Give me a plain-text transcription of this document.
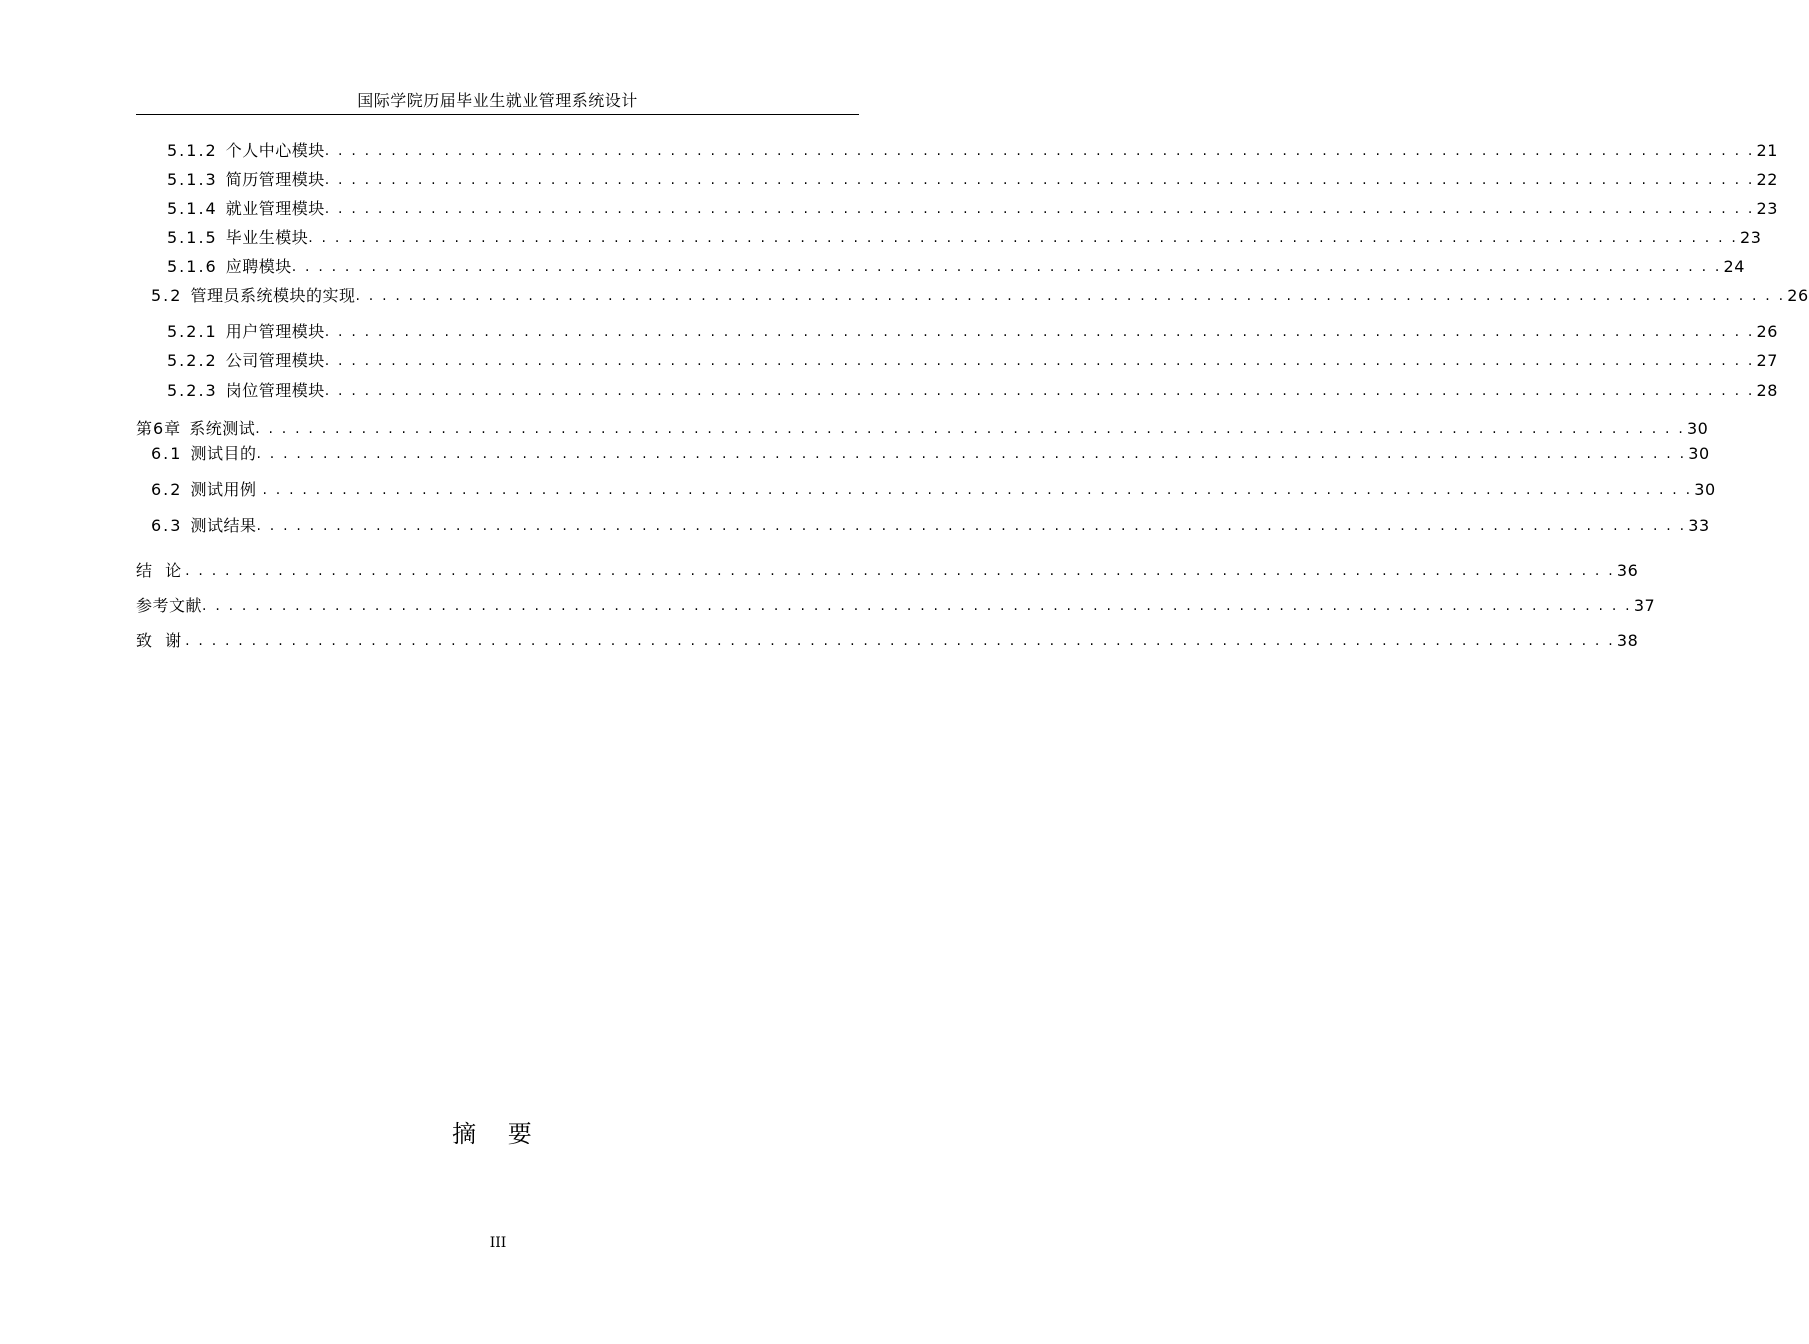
国际学院历届毕业生就业管理系统设计
5.1.2 个人中心模块 . . . . . . . . . . . . . . . . . . . . . . . . . . . . . . . . . . . . . . . . . . . . . . . . . . . . . . . . . . . . . . . . . . . . . . . . . . . . . . . . . . . . . . . . . . . . . . . . . . . . . . . . . . . . 21
5.1.3 简历管理模块 . . . . . . . . . . . . . . . . . . . . . . . . . . . . . . . . . . . . . . . . . . . . . . . . . . . . . . . . . . . . . . . . . . . . . . . . . . . . . . . . . . . . . . . . . . . . . . . . . . . . . . . . . . . . 22
5.1.4 就业管理模块 . . . . . . . . . . . . . . . . . . . . . . . . . . . . . . . . . . . . . . . . . . . . . . . . . . . . . . . . . . . . . . . . . . . . . . . . . . . . . . . . . . . . . . . . . . . . . . . . . . . . . . . . . . . . 23
5.1.5 毕业生模块 . . . . . . . . . . . . . . . . . . . . . . . . . . . . . . . . . . . . . . . . . . . . . . . . . . . . . . . . . . . . . . . . . . . . . . . . . . . . . . . . . . . . . . . . . . . . . . . . . . . . . . . . . . . . 23
5.1.6 应聘模块 . . . . . . . . . . . . . . . . . . . . . . . . . . . . . . . . . . . . . . . . . . . . . . . . . . . . . . . . . . . . . . . . . . . . . . . . . . . . . . . . . . . . . . . . . . . . . . . . . . . . . . . . . . . . 24
5.2 管理员系统模块的实现 . . . . . . . . . . . . . . . . . . . . . . . . . . . . . . . . . . . . . . . . . . . . . . . . . . . . . . . . . . . . . . . . . . . . . . . . . . . . . . . . . . . . . . . . . . . . . . . . . . . . . . . . . . . . 26
5.2.1 用户管理模块 . . . . . . . . . . . . . . . . . . . . . . . . . . . . . . . . . . . . . . . . . . . . . . . . . . . . . . . . . . . . . . . . . . . . . . . . . . . . . . . . . . . . . . . . . . . . . . . . . . . . . . . . . . . . 26
5.2.2 公司管理模块 . . . . . . . . . . . . . . . . . . . . . . . . . . . . . . . . . . . . . . . . . . . . . . . . . . . . . . . . . . . . . . . . . . . . . . . . . . . . . . . . . . . . . . . . . . . . . . . . . . . . . . . . . . . . 27
5.2.3 岗位管理模块 . . . . . . . . . . . . . . . . . . . . . . . . . . . . . . . . . . . . . . . . . . . . . . . . . . . . . . . . . . . . . . . . . . . . . . . . . . . . . . . . . . . . . . . . . . . . . . . . . . . . . . . . . . . . 28
第6章 系统测试 . . . . . . . . . . . . . . . . . . . . . . . . . . . . . . . . . . . . . . . . . . . . . . . . . . . . . . . . . . . . . . . . . . . . . . . . . . . . . . . . . . . . . . . . . . . . . . . . . . . . . . . . . . . . 30
6.1 测试目的 . . . . . . . . . . . . . . . . . . . . . . . . . . . . . . . . . . . . . . . . . . . . . . . . . . . . . . . . . . . . . . . . . . . . . . . . . . . . . . . . . . . . . . . . . . . . . . . . . . . . . . . . . . . . 30
6.2 测试用例 . . . . . . . . . . . . . . . . . . . . . . . . . . . . . . . . . . . . . . . . . . . . . . . . . . . . . . . . . . . . . . . . . . . . . . . . . . . . . . . . . . . . . . . . . . . . . . . . . . . . . . . . . . . . 30
6.3 测试结果 . . . . . . . . . . . . . . . . . . . . . . . . . . . . . . . . . . . . . . . . . . . . . . . . . . . . . . . . . . . . . . . . . . . . . . . . . . . . . . . . . . . . . . . . . . . . . . . . . . . . . . . . . . . . 33
结 论 . . . . . . . . . . . . . . . . . . . . . . . . . . . . . . . . . . . . . . . . . . . . . . . . . . . . . . . . . . . . . . . . . . . . . . . . . . . . . . . . . . . . . . . . . . . . . . . . . . . . . . . . . . . . 36
参考文献 . . . . . . . . . . . . . . . . . . . . . . . . . . . . . . . . . . . . . . . . . . . . . . . . . . . . . . . . . . . . . . . . . . . . . . . . . . . . . . . . . . . . . . . . . . . . . . . . . . . . . . . . . . . . 37
致 谢 . . . . . . . . . . . . . . . . . . . . . . . . . . . . . . . . . . . . . . . . . . . . . . . . . . . . . . . . . . . . . . . . . . . . . . . . . . . . . . . . . . . . . . . . . . . . . . . . . . . . . . . . . . . . 38
摘 要
III
